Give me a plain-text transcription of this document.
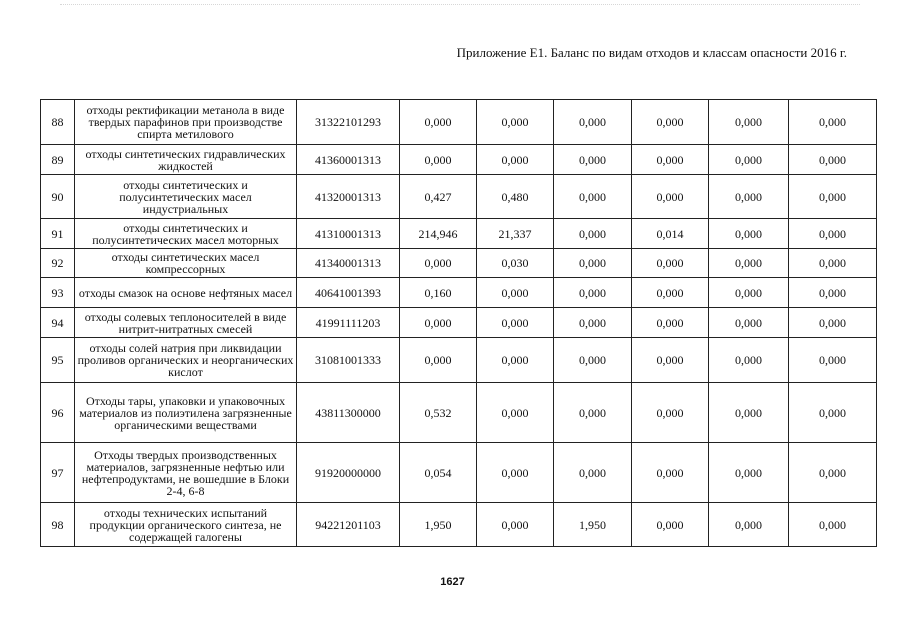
Приложение Е1. Баланс по видам отходов и классам опасности 2016 г.
88	отходы ректификации метанола в виде твердых парафинов при производстве спирта метилового	31322101293	0,000	0,000	0,000	0,000	0,000	0,000
89	отходы синтетических гидравлических жидкостей	41360001313	0,000	0,000	0,000	0,000	0,000	0,000
90	отходы синтетических и полусинтетических масел индустриальных	41320001313	0,427	0,480	0,000	0,000	0,000	0,000
91	отходы синтетических и полусинтетических масел моторных	41310001313	214,946	21,337	0,000	0,014	0,000	0,000
92	отходы синтетических масел компрессорных	41340001313	0,000	0,030	0,000	0,000	0,000	0,000
93	отходы смазок на основе нефтяных масел	40641001393	0,160	0,000	0,000	0,000	0,000	0,000
94	отходы солевых теплоносителей в виде нитрит-нитратных смесей	41991111203	0,000	0,000	0,000	0,000	0,000	0,000
95	отходы солей натрия при ликвидации проливов органических и неорганических кислот	31081001333	0,000	0,000	0,000	0,000	0,000	0,000
96	Отходы тары, упаковки и упаковочных материалов из полиэтилена загрязненные органическими веществами	43811300000	0,532	0,000	0,000	0,000	0,000	0,000
97	Отходы твердых производственных материалов, загрязненные нефтью или нефтепродуктами, не вошедшие в Блоки 2-4, 6-8	91920000000	0,054	0,000	0,000	0,000	0,000	0,000
98	отходы технических испытаний продукции органического синтеза, не содержащей галогены	94221201103	1,950	0,000	1,950	0,000	0,000	0,000
1627
